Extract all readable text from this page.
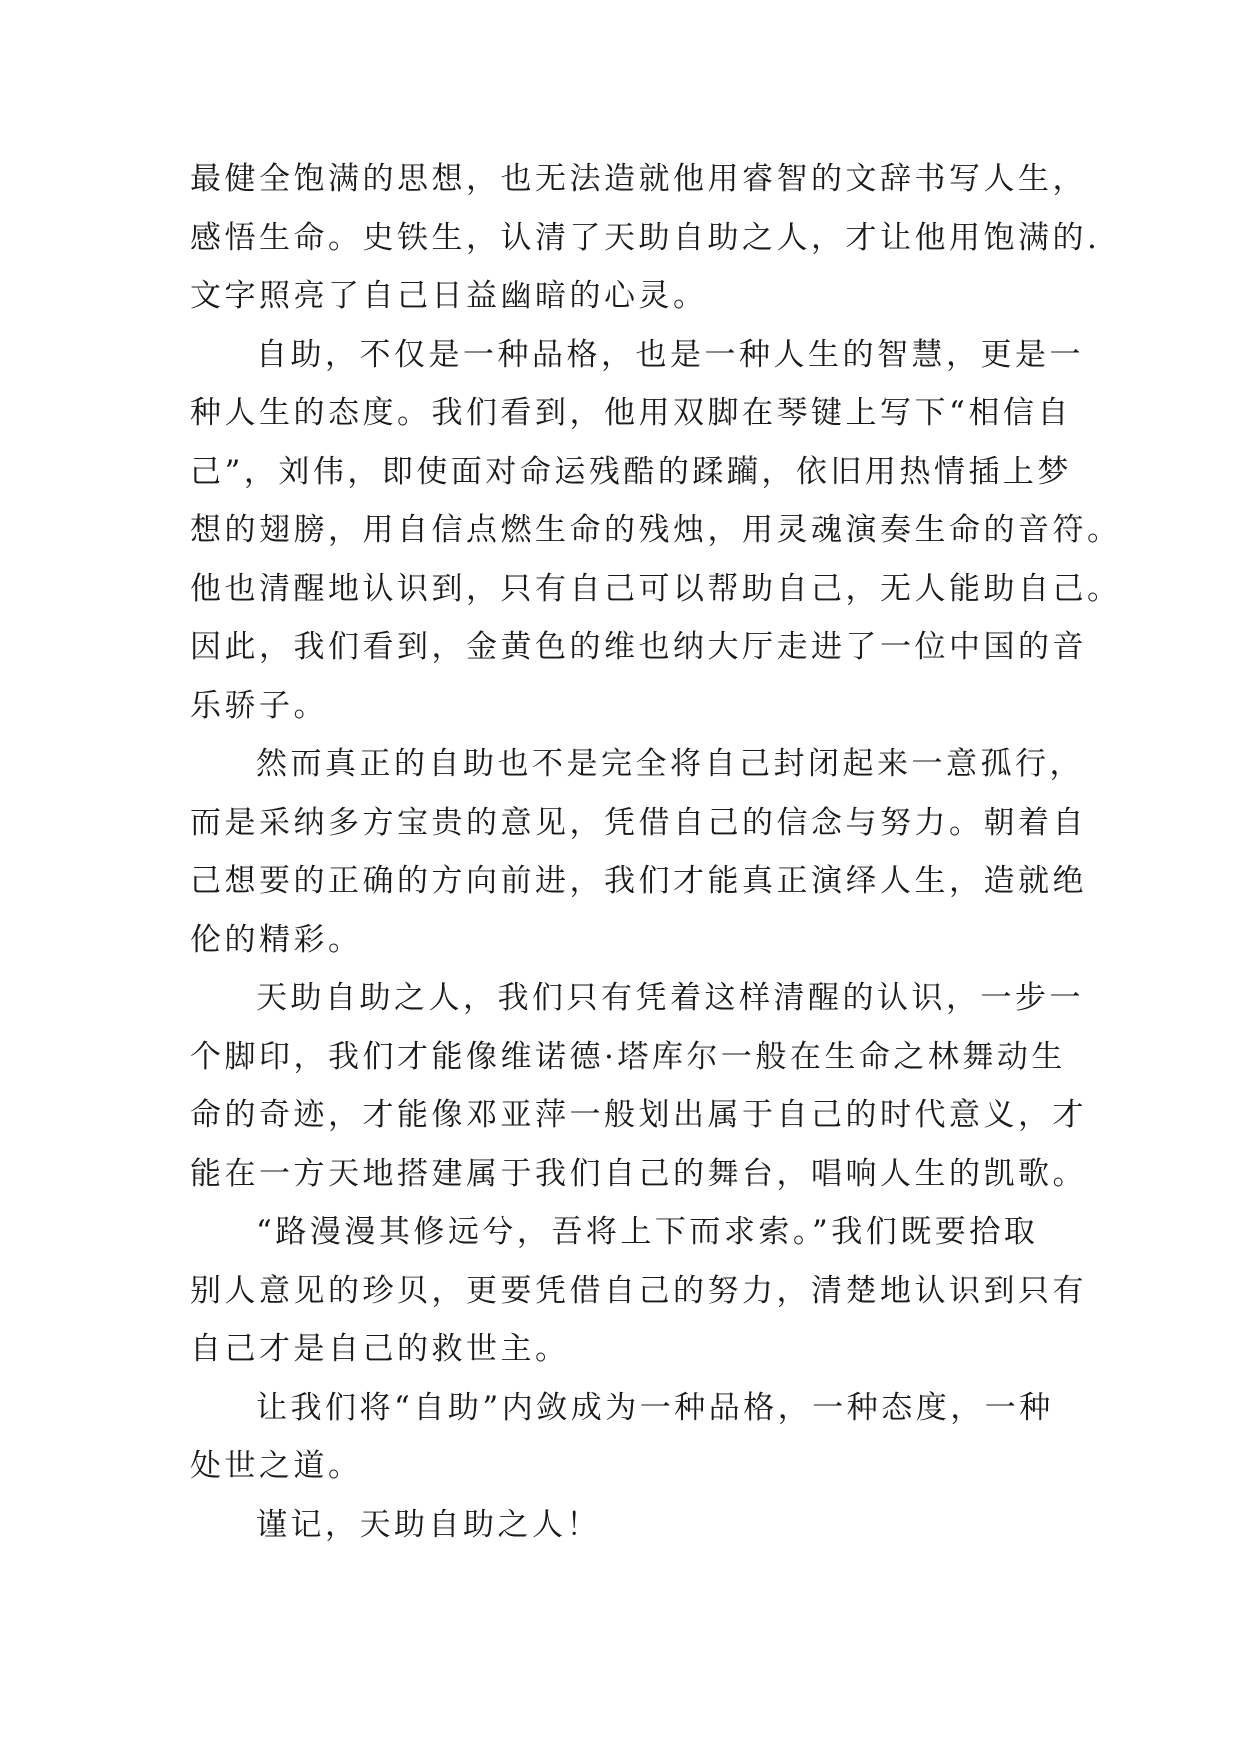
最健全饱满的思想，也无法造就他用睿智的文辞书写人生，
感悟生命。史铁生，认清了天助自助之人，才让他用饱满的.
文字照亮了自己日益幽暗的心灵。
自助，不仅是一种品格，也是一种人生的智慧，更是一
种人生的态度。我们看到，他用双脚在琴键上写下“相信自
己”，刘伟，即使面对命运残酷的蹂躏，依旧用热情插上梦
想的翅膀，用自信点燃生命的残烛，用灵魂演奏生命的音符。
他也清醒地认识到，只有自己可以帮助自己，无人能助自己。
因此，我们看到，金黄色的维也纳大厅走进了一位中国的音
乐骄子。
然而真正的自助也不是完全将自己封闭起来一意孤行，
而是采纳多方宝贵的意见，凭借自己的信念与努力。朝着自
己想要的正确的方向前进，我们才能真正演绎人生，造就绝
伦的精彩。
天助自助之人，我们只有凭着这样清醒的认识，一步一
个脚印，我们才能像维诺德·塔库尔一般在生命之林舞动生
命的奇迹，才能像邓亚萍一般划出属于自己的时代意义，才
能在一方天地搭建属于我们自己的舞台，唱响人生的凯歌。
“路漫漫其修远兮，吾将上下而求索。”我们既要拾取
别人意见的珍贝，更要凭借自己的努力，清楚地认识到只有
自己才是自己的救世主。
让我们将“自助”内敛成为一种品格，一种态度，一种
处世之道。
谨记，天助自助之人！
